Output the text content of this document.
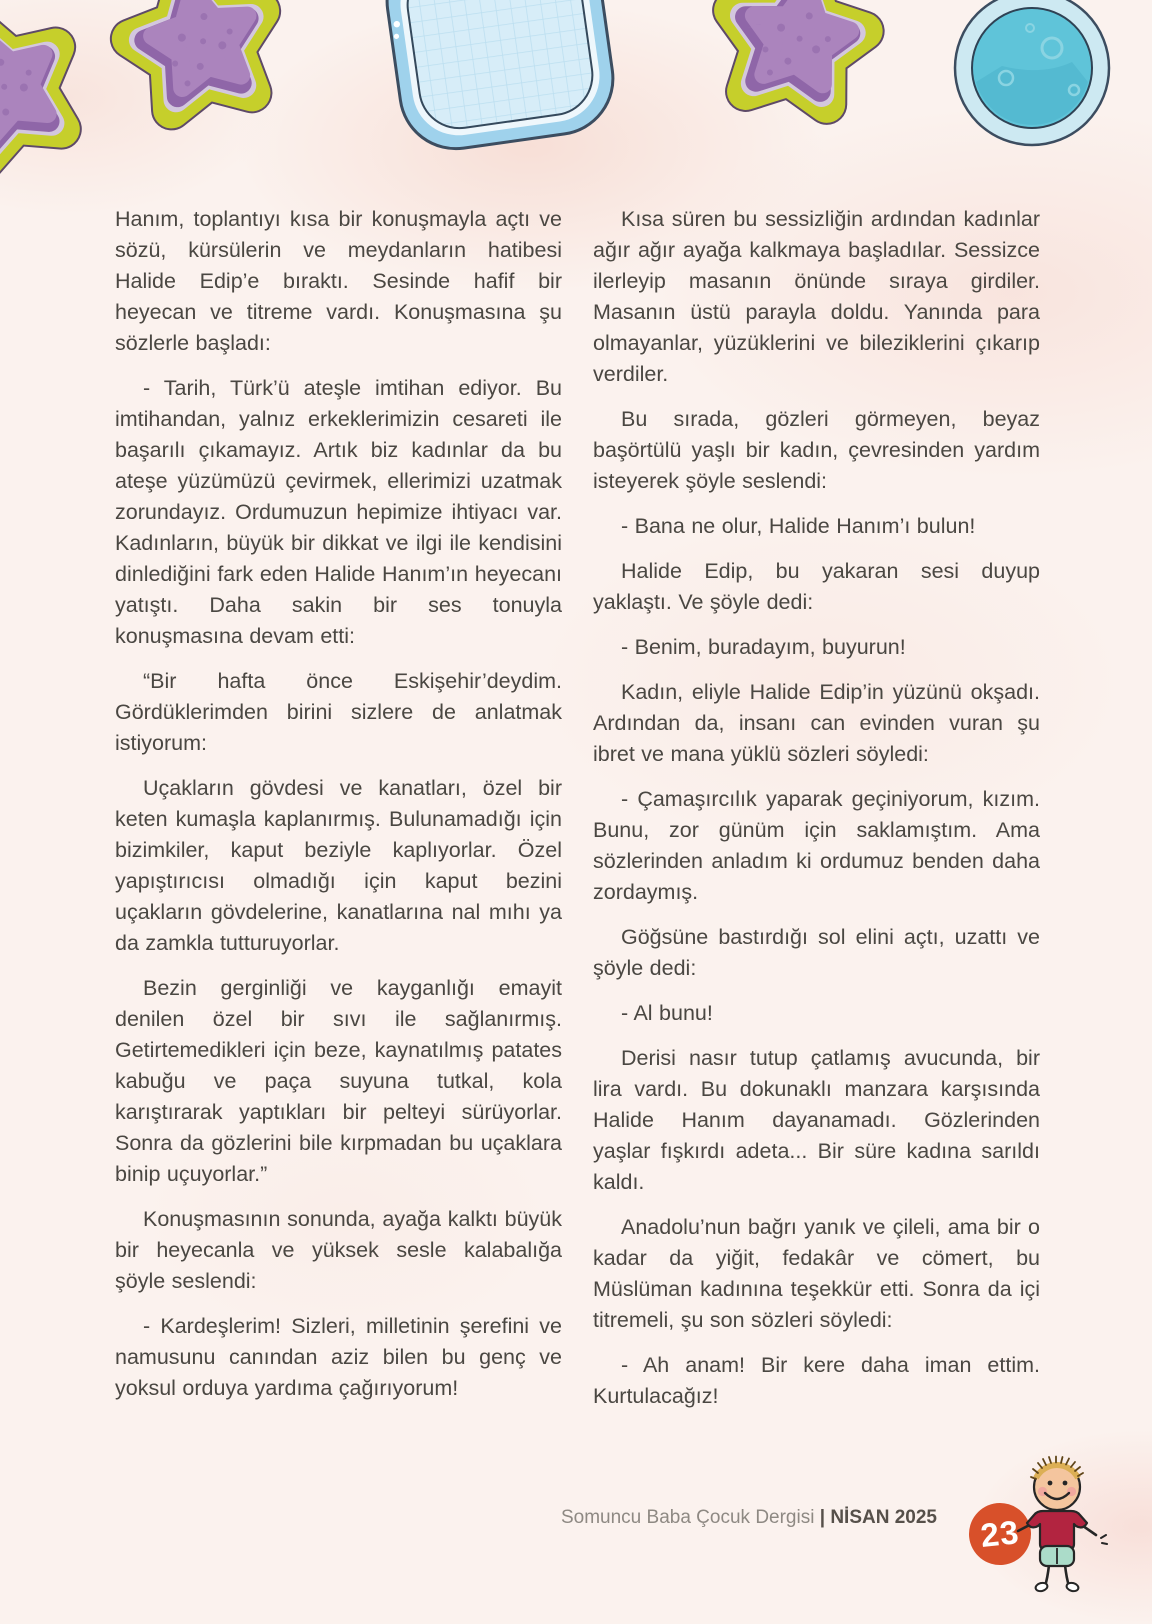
Hanım, toplantıyı kısa bir konuşmayla açtı ve sözü, kürsülerin ve meydanların hatibesi Halide Edip’e bıraktı. Sesinde hafif bir heyecan ve titreme vardı. Konuşmasına şu sözlerle başladı:

- Tarih, Türk’ü ateşle imtihan ediyor. Bu imtihandan, yalnız erkeklerimizin cesareti ile başarılı çıkamayız. Artık biz kadınlar da bu ateşe yüzümüzü çevirmek, ellerimizi uzatmak zorundayız. Ordumuzun hepimize ihtiyacı var. Kadınların, büyük bir dikkat ve ilgi ile kendisini dinlediğini fark eden Halide Hanım’ın heyecanı yatıştı. Daha sakin bir ses tonuyla konuşmasına devam etti:

“Bir hafta önce Eskişehir’deydim. Gördüklerimden birini sizlere de anlatmak istiyorum:

Uçakların gövdesi ve kanatları, özel bir keten kumaşla kaplanırmış. Bulunamadığı için bizimkiler, kaput beziyle kaplıyorlar. Özel yapıştırıcısı olmadığı için kaput bezini uçakların gövdelerine, kanatlarına nal mıhı ya da zamkla tutturuyorlar.

Bezin gerginliği ve kayganlığı emayit denilen özel bir sıvı ile sağlanırmış. Getirtemedikleri için beze, kaynatılmış patates kabuğu ve paça suyuna tutkal, kola karıştırarak yaptıkları bir pelteyi sürüyorlar. Sonra da gözlerini bile kırpmadan bu uçaklara binip uçuyorlar.”

Konuşmasının sonunda, ayağa kalktı büyük bir heyecanla ve yüksek sesle kalabalığa şöyle seslendi:

- Kardeşlerim! Sizleri, milletinin şerefini ve namusunu canından aziz bilen bu genç ve yoksul orduya yardıma çağırıyorum!

Kısa süren bu sessizliğin ardından kadınlar ağır ağır ayağa kalkmaya başladılar. Sessizce ilerleyip masanın önünde sıraya girdiler. Masanın üstü parayla doldu. Yanında para olmayanlar, yüzüklerini ve bileziklerini çıkarıp verdiler.

Bu sırada, gözleri görmeyen, beyaz başörtülü yaşlı bir kadın, çevresinden yardım isteyerek şöyle seslendi:

- Bana ne olur, Halide Hanım’ı bulun!

Halide Edip, bu yakaran sesi duyup yaklaştı. Ve şöyle dedi:

- Benim, buradayım, buyurun!

Kadın, eliyle Halide Edip’in yüzünü okşadı. Ardından da, insanı can evinden vuran şu ibret ve mana yüklü sözleri söyledi:

- Çamaşırcılık yaparak geçiniyorum, kızım. Bunu, zor günüm için saklamıştım. Ama sözlerinden anladım ki ordumuz benden daha zordaymış.

Göğsüne bastırdığı sol elini açtı, uzattı ve şöyle dedi:

- Al bunu!

Derisi nasır tutup çatlamış avucunda, bir lira vardı. Bu dokunaklı manzara karşısında Halide Hanım dayanamadı. Gözlerinden yaşlar fışkırdı adeta... Bir süre kadına sarıldı kaldı.

Anadolu’nun bağrı yanık ve çileli, ama bir o kadar da yiğit, fedakâr ve cömert, bu Müslüman kadınına teşekkür etti. Sonra da içi titremeli, şu son sözleri söyledi:

- Ah anam! Bir kere daha iman ettim. Kurtulacağız!

Somuncu Baba Çocuk Dergisi | NİSAN 2025 23
